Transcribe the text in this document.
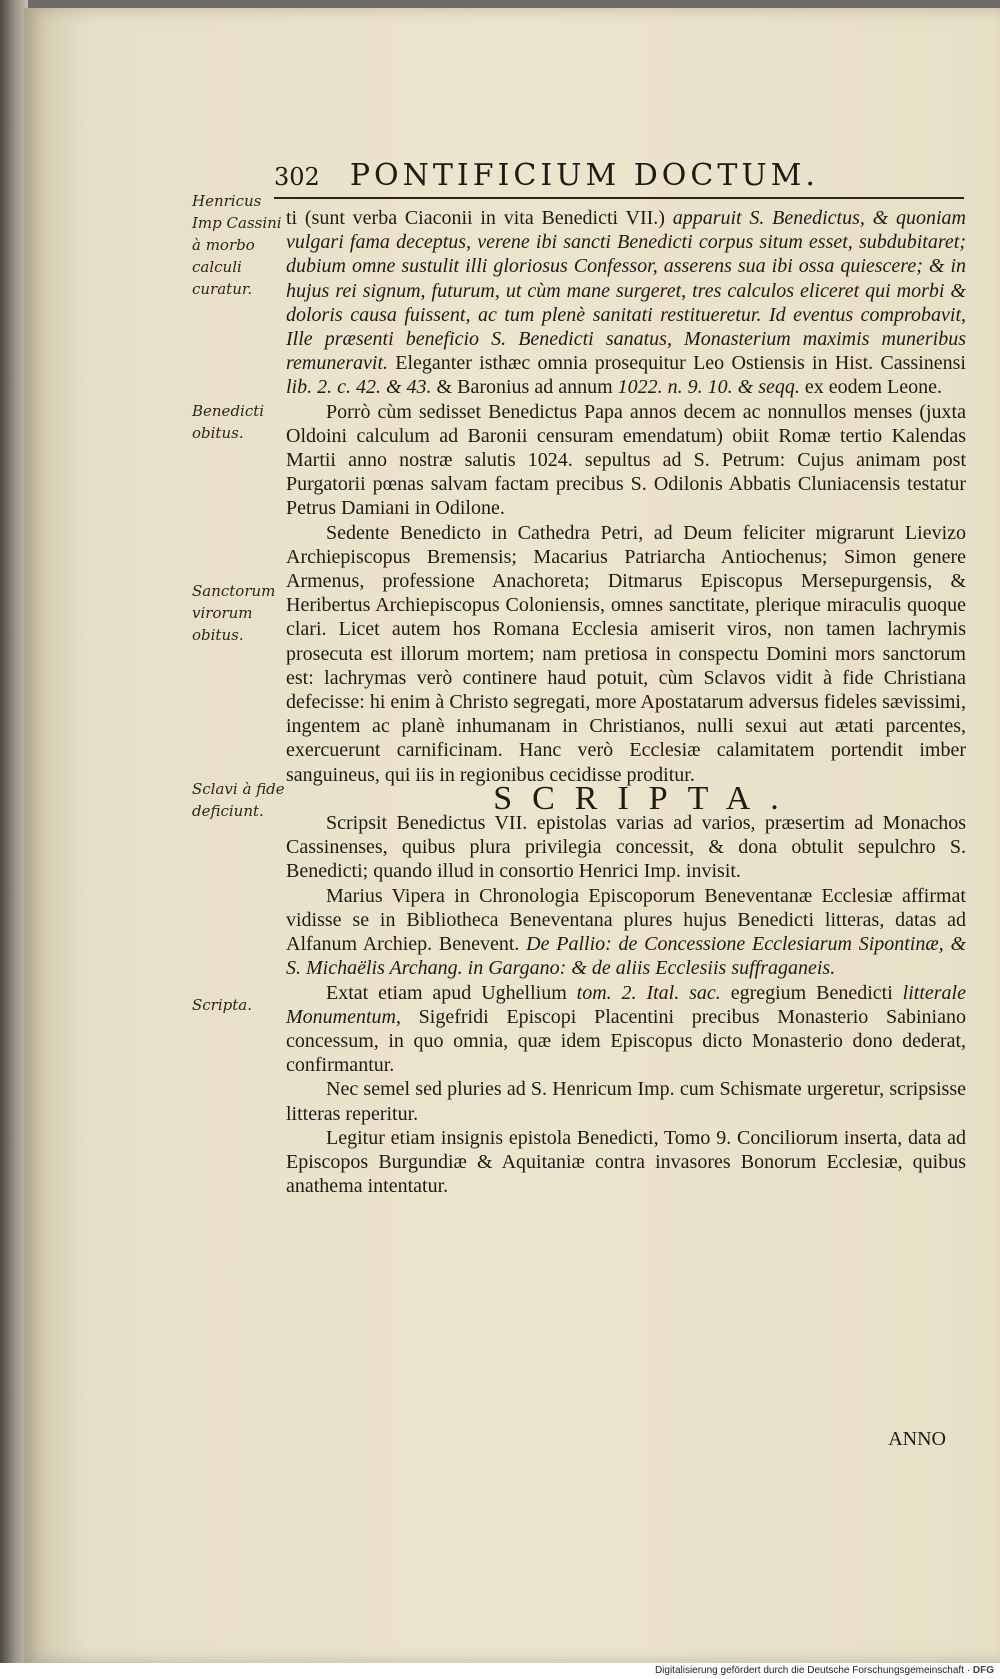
302 PONTIFICIUM DOCTUM.
Henricus Imp Cassini à morbo calculi curatur.
Benedicti obitus.
Sanctorum virorum obitus.
Sclavi à fide deficiunt.
Scripta.

ti (sunt verba Ciaconii in vita Benedicti VII.) apparuit S. Benedictus, & quoniam vulgari fama deceptus, verene ibi sancti Benedicti corpus situm esset, subdubitaret; dubium omne sustulit illi gloriosus Confessor, asserens sua ibi ossa quiescere; & in hujus rei signum, futurum, ut cùm mane surgeret, tres calculos eliceret qui morbi & doloris causa fuissent, ac tum plenè sanitati restitueretur. Id eventus comprobavit, Ille præsenti beneficio S. Benedicti sanatus, Monasterium maximis muneribus remuneravit. Eleganter isthæc omnia prosequitur Leo Ostiensis in Hist. Cassinensi lib. 2. c. 42. & 43. & Baronius ad annum 1022. n. 9. 10. & seqq. ex eodem Leone.

Porrò cùm sedisset Benedictus Papa annos decem ac nonnullos menses (juxta Oldoini calculum ad Baronii censuram emendatum) obiit Romæ tertio Kalendas Martii anno nostræ salutis 1024. sepultus ad S. Petrum: Cujus animam post Purgatorii pœnas salvam factam precibus S. Odilonis Abbatis Cluniacensis testatur Petrus Damiani in Odilone.

Sedente Benedicto in Cathedra Petri, ad Deum feliciter migrarunt Lievizo Archiepiscopus Bremensis; Macarius Patriarcha Antiochenus; Simon genere Armenus, professione Anachoreta; Ditmarus Episcopus Mersepurgensis, & Heribertus Archiepiscopus Coloniensis, omnes sanctitate, plerique miraculis quoque clari. Licet autem hos Romana Ecclesia amiserit viros, non tamen lachrymis prosecuta est illorum mortem; nam pretiosa in conspectu Domini mors sanctorum est: lachrymas verò continere haud potuit, cùm Sclavos vidit à fide Christiana defecisse: hi enim à Christo segregati, more Apostatarum adversus fideles sævissimi, ingentem ac planè inhumanam in Christianos, nulli sexui aut ætati parcentes, exercuerunt carnificinam. Hanc verò Ecclesiæ calamitatem portendit imber sanguineus, qui iis in regionibus cecidisse proditur.

SCRIPTA.

Scripsit Benedictus VII. epistolas varias ad varios, præsertim ad Monachos Cassinenses, quibus plura privilegia concessit, & dona obtulit sepulchro S. Benedicti; quando illud in consortio Henrici Imp. invisit.

Marius Vipera in Chronologia Episcoporum Beneventanæ Ecclesiæ affirmat vidisse se in Bibliotheca Beneventana plures hujus Benedicti litteras, datas ad Alfanum Archiep. Benevent. De Pallio: de Concessione Ecclesiarum Sipontinæ, & S. Michaëlis Archang. in Gargano: & de aliis Ecclesiis suffraganeis.

Extat etiam apud Ughellium tom. 2. Ital. sac. egregium Benedicti litterale Monumentum, Sigefridi Episcopi Placentini precibus Monasterio Sabiniano concessum, in quo omnia, quæ idem Episcopus dicto Monasterio dono dederat, confirmantur.

Nec semel sed pluries ad S. Henricum Imp. cum Schismate urgeretur, scripsisse litteras reperitur.

Legitur etiam insignis epistola Benedicti, Tomo 9. Conciliorum inserta, data ad Episcopos Burgundiæ & Aquitaniæ contra invasores Bonorum Ecclesiæ, quibus anathema intentatur.

ANNO
Digitalisierung gefördert durch die Deutsche Forschungsgemeinschaft · DFG
